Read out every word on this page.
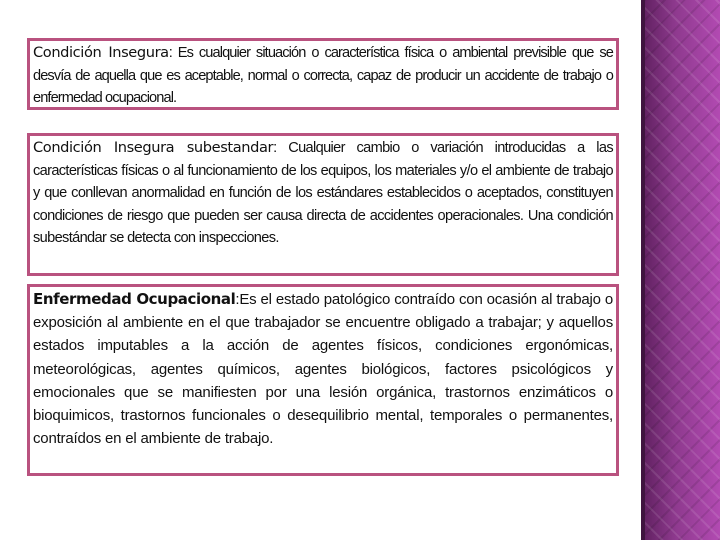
Condición Insegura: Es cualquier situación o característica física o ambiental previsible que se desvía de aquella que es aceptable, normal o correcta, capaz de producir un accidente de trabajo o enfermedad ocupacional.

Condición Insegura subestandar: Cualquier cambio o variación introducidas a las características físicas o al funcionamiento de los equipos, los materiales y/o el ambiente de trabajo y que conllevan anormalidad en función de los estándares establecidos o aceptados, constituyen condiciones de riesgo que pueden ser causa directa de accidentes operacionales. Una condición subestándar se detecta con inspecciones.

Enfermedad Ocupacional:Es el estado patológico contraído con ocasión al trabajo o exposición al ambiente en el que trabajador se encuentre obligado a trabajar; y aquellos estados imputables a la acción de agentes físicos, condiciones ergonómicas, meteorológicas, agentes químicos, agentes biológicos, factores psicológicos y emocionales que se manifiesten por una lesión orgánica, trastornos enzimáticos o bioquimicos, trastornos funcionales o desequilibrio mental, temporales o permanentes, contraídos en el ambiente de trabajo.
